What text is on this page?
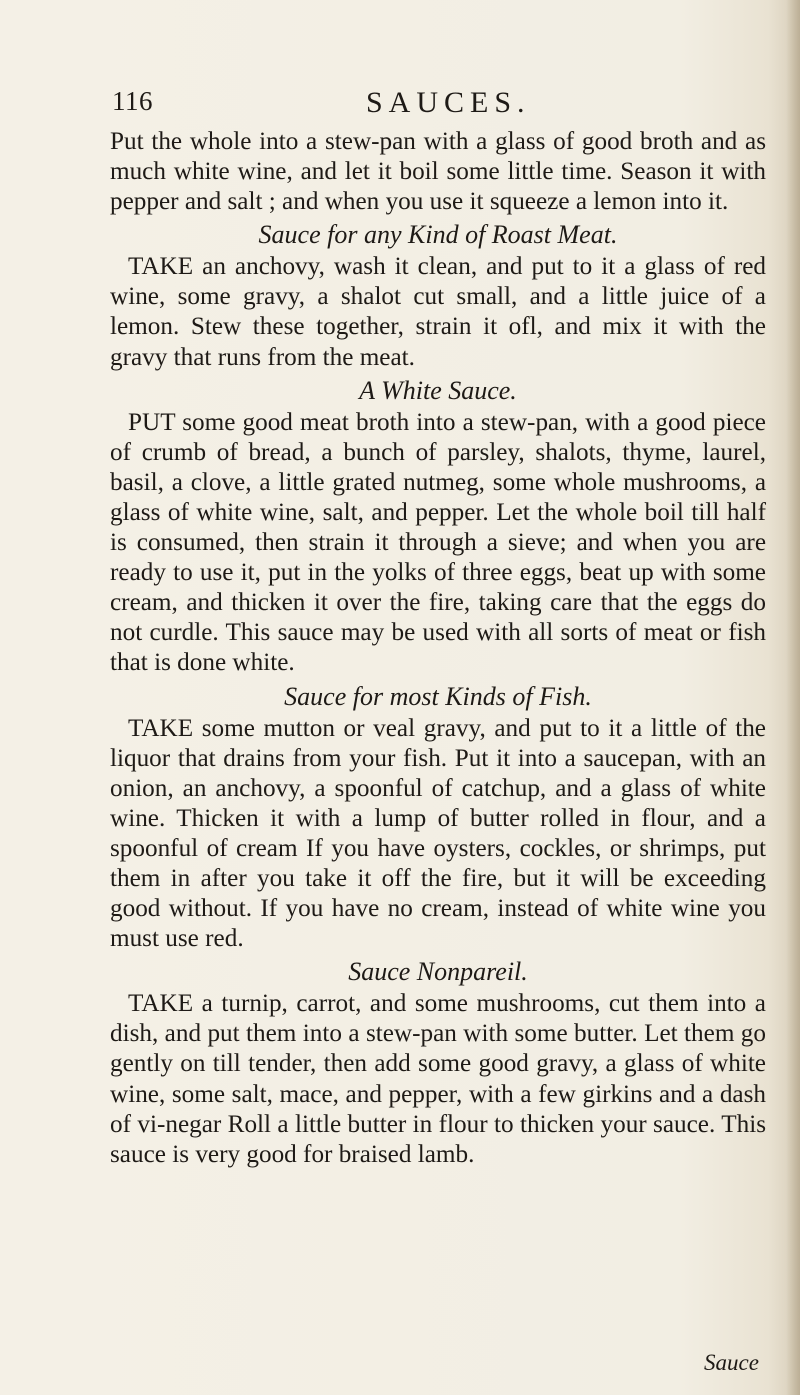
116	SAUCES.

Put the whole into a stew-pan with a glass of good broth and as much white wine, and let it boil some little time. Season it with pepper and salt ; and when you use it squeeze a lemon into it.

Sauce for any Kind of Roast Meat.

TAKE an anchovy, wash it clean, and put to it a glass of red wine, some gravy, a shalot cut small, and a little juice of a lemon. Stew these together, strain it ofl, and mix it with the gravy that runs from the meat.

A White Sauce.

PUT some good meat broth into a stew-pan, with a good piece of crumb of bread, a bunch of parsley, shalots, thyme, laurel, basil, a clove, a little grated nutmeg, some whole mushrooms, a glass of white wine, salt, and pepper. Let the whole boil till half is consumed, then strain it through a sieve; and when you are ready to use it, put in the yolks of three eggs, beat up with some cream, and thicken it over the fire, taking care that the eggs do not curdle. This sauce may be used with all sorts of meat or fish that is done white.

Sauce for most Kinds of Fish.

TAKE some mutton or veal gravy, and put to it a little of the liquor that drains from your fish. Put it into a saucepan, with an onion, an anchovy, a spoonful of catchup, and a glass of white wine. Thicken it with a lump of butter rolled in flour, and a spoonful of cream If you have oysters, cockles, or shrimps, put them in after you take it off the fire, but it will be exceeding good without. If you have no cream, instead of white wine you must use red.

Sauce Nonpareil.

TAKE a turnip, carrot, and some mushrooms, cut them into a dish, and put them into a stew-pan with some butter. Let them go gently on till tender, then add some good gravy, a glass of white wine, some salt, mace, and pepper, with a few girkins and a dash of vi-negar Roll a little butter in flour to thicken your sauce. This sauce is very good for braised lamb.

Sauce
